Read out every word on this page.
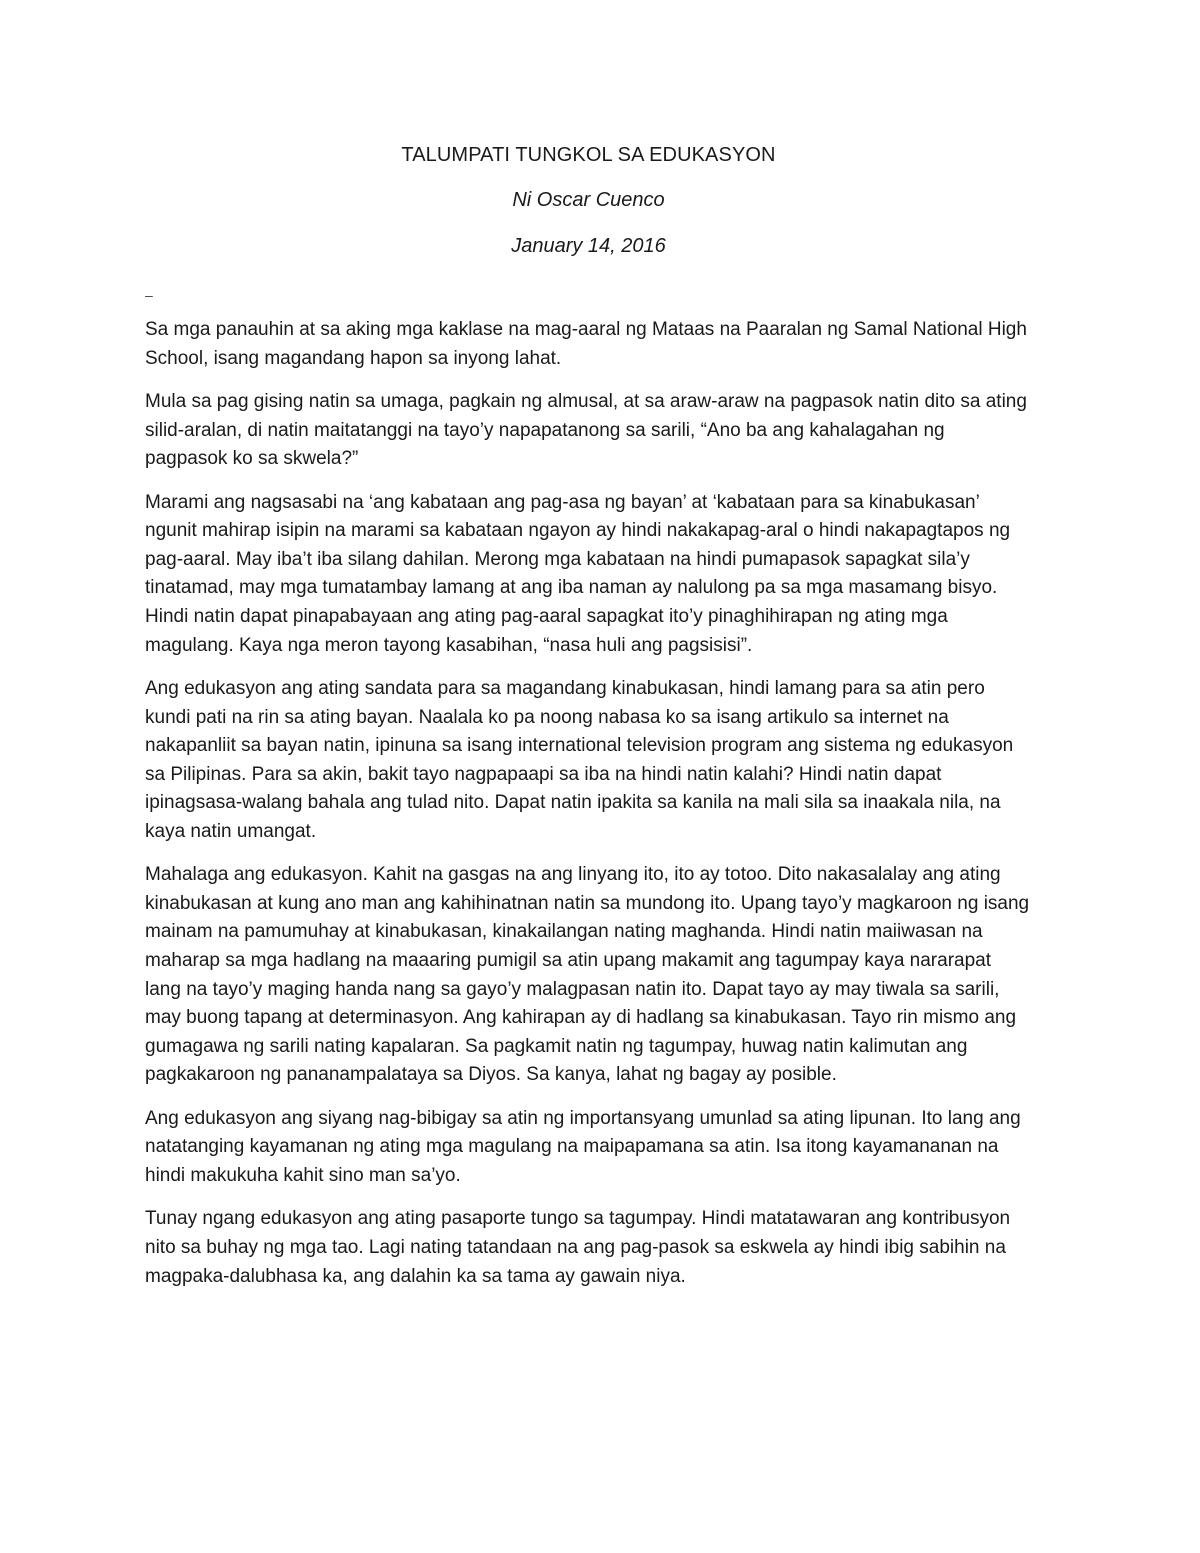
TALUMPATI TUNGKOL SA EDUKASYON

Ni Oscar Cuenco

January 14, 2016

–

Sa mga panauhin at sa aking mga kaklase na mag-aaral ng Mataas na Paaralan ng Samal National High School, isang magandang hapon sa inyong lahat.

Mula sa pag gising natin sa umaga, pagkain ng almusal, at sa araw-araw na pagpasok natin dito sa ating silid-aralan, di natin maitatanggi na tayo’y napapatanong sa sarili, “Ano ba ang kahalagahan ng pagpasok ko sa skwela?”

Marami ang nagsasabi na ‘ang kabataan ang pag-asa ng bayan’ at ‘kabataan para sa kinabukasan’ ngunit mahirap isipin na marami sa kabataan ngayon ay hindi nakakapag-aral o hindi nakapagtapos ng pag-aaral. May iba’t iba silang dahilan. Merong mga kabataan na hindi pumapasok sapagkat sila’y tinatamad, may mga tumatambay lamang at ang iba naman ay nalulong pa sa mga masamang bisyo. Hindi natin dapat pinapabayaan ang ating pag-aaral sapagkat ito’y pinaghihirapan ng ating mga magulang. Kaya nga meron tayong kasabihan, “nasa huli ang pagsisisi”.

Ang edukasyon ang ating sandata para sa magandang kinabukasan, hindi lamang para sa atin pero kundi pati na rin sa ating bayan. Naalala ko pa noong nabasa ko sa isang artikulo sa internet na nakapanliit sa bayan natin, ipinuna sa isang international television program ang sistema ng edukasyon sa Pilipinas. Para sa akin, bakit tayo nagpapaapi sa iba na hindi natin kalahi? Hindi natin dapat ipinagsasa-walang bahala ang tulad nito. Dapat natin ipakita sa kanila na mali sila sa inaakala nila, na kaya natin umangat.

Mahalaga ang edukasyon. Kahit na gasgas na ang linyang ito, ito ay totoo. Dito nakasalalay ang ating kinabukasan at kung ano man ang kahihinatnan natin sa mundong ito. Upang tayo’y magkaroon ng isang mainam na pamumuhay at kinabukasan, kinakailangan nating maghanda. Hindi natin maiiwasan na maharap sa mga hadlang na maaaring pumigil sa atin upang makamit ang tagumpay kaya nararapat lang na tayo’y maging handa nang sa gayo’y malagpasan natin ito. Dapat tayo ay may tiwala sa sarili, may buong tapang at determinasyon. Ang kahirapan ay di hadlang sa kinabukasan. Tayo rin mismo ang gumagawa ng sarili nating kapalaran. Sa pagkamit natin ng tagumpay, huwag natin kalimutan ang pagkakaroon ng pananampalataya sa Diyos. Sa kanya, lahat ng bagay ay posible.

Ang edukasyon ang siyang nag-bibigay sa atin ng importansyang umunlad sa ating lipunan. Ito lang ang natatanging kayamanan ng ating mga magulang na maipapamana sa atin. Isa itong kayamananan na hindi makukuha kahit sino man sa’yo.

Tunay ngang edukasyon ang ating pasaporte tungo sa tagumpay. Hindi matatawaran ang kontribusyon nito sa buhay ng mga tao. Lagi nating tatandaan na ang pag-pasok sa eskwela ay hindi ibig sabihin na magpaka-dalubhasa ka, ang dalahin ka sa tama ay gawain niya.
